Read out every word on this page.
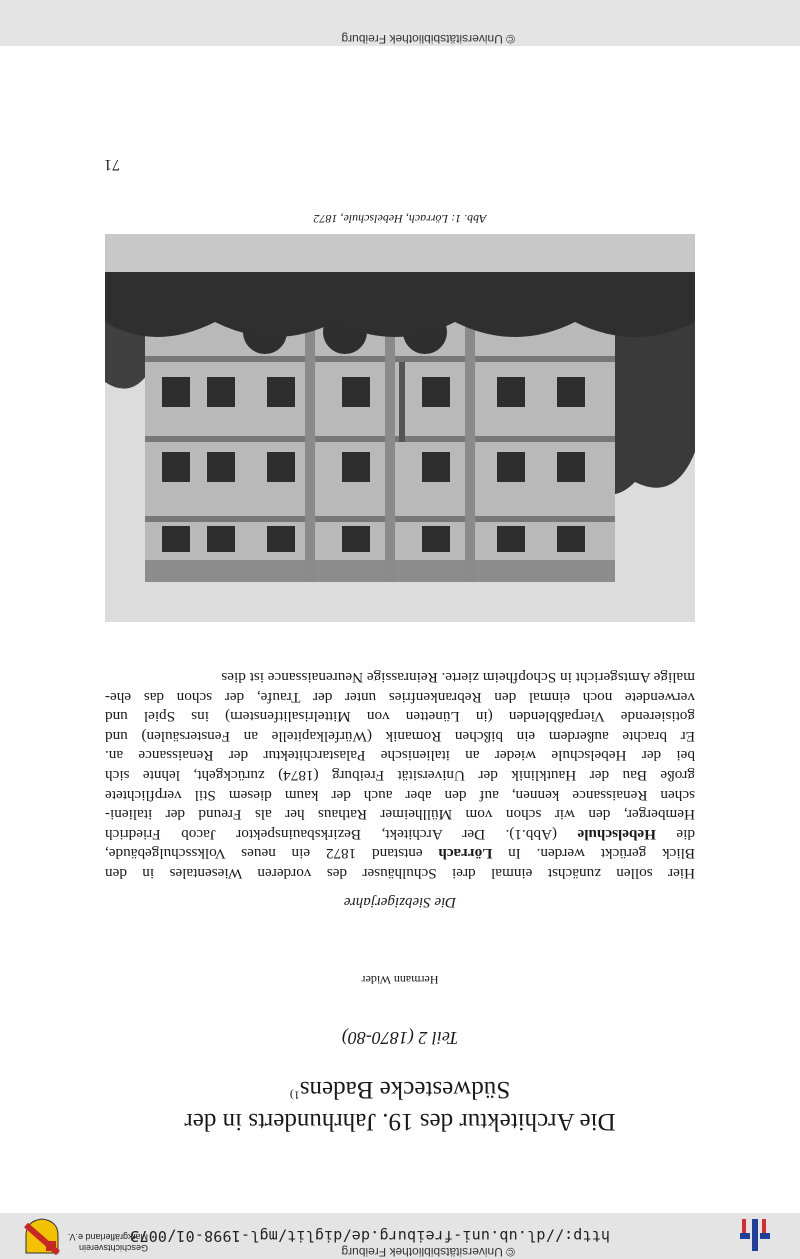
© Universitätsbibliothek Freiburg
http://dl.ub.uni-freiburg.de/diglit/mgl-1998-01/0073
Geschichtsverein
Markgräflerland e.V.
Die Architektur des 19. Jahrhunderts in der
Südwestecke Badens$^{1)}$
Teil 2 (1870-80)
Hermann Wider
Die Siebzigerjahre
Hier sollen zunächst einmal drei Schulhäuser des vorderen Wiesentales in den
Blick gerückt werden. In Lörrach entstand 1872 ein neues Volksschulgebäude,
die Hebelschule (Abb.1). Der Architekt, Bezirksbauinspektor Jacob Friedrich
Hemberger, den wir schon vom Müllheimer Rathaus her als Freund der italieni-
schen Renaissance kennen, auf den aber auch der kaum diesem Stil verpflichtete
große Bau der Hautklinik der Universität Freiburg (1874) zurückgeht, lehnte sich
bei der Hebelschule wieder an italienische Palastarchitektur der Renaissance an.
Er brachte außerdem ein bißchen Romanik (Würfelkapitelle an Fenstersäulen) und
gotisierende Vierpaßblenden (in Lünetten von Mittelrisalitfenstern) ins Spiel und
verwendete noch einmal den Rebrankenfries unter der Traufe, der schon das ehe-
malige Amtsgericht in Schopfheim zierte. Reinrassige Neurenaissance ist dies
Abb. 1: Lörrach, Hebelschule, 1872
71
© Universitätsbibliothek Freiburg
